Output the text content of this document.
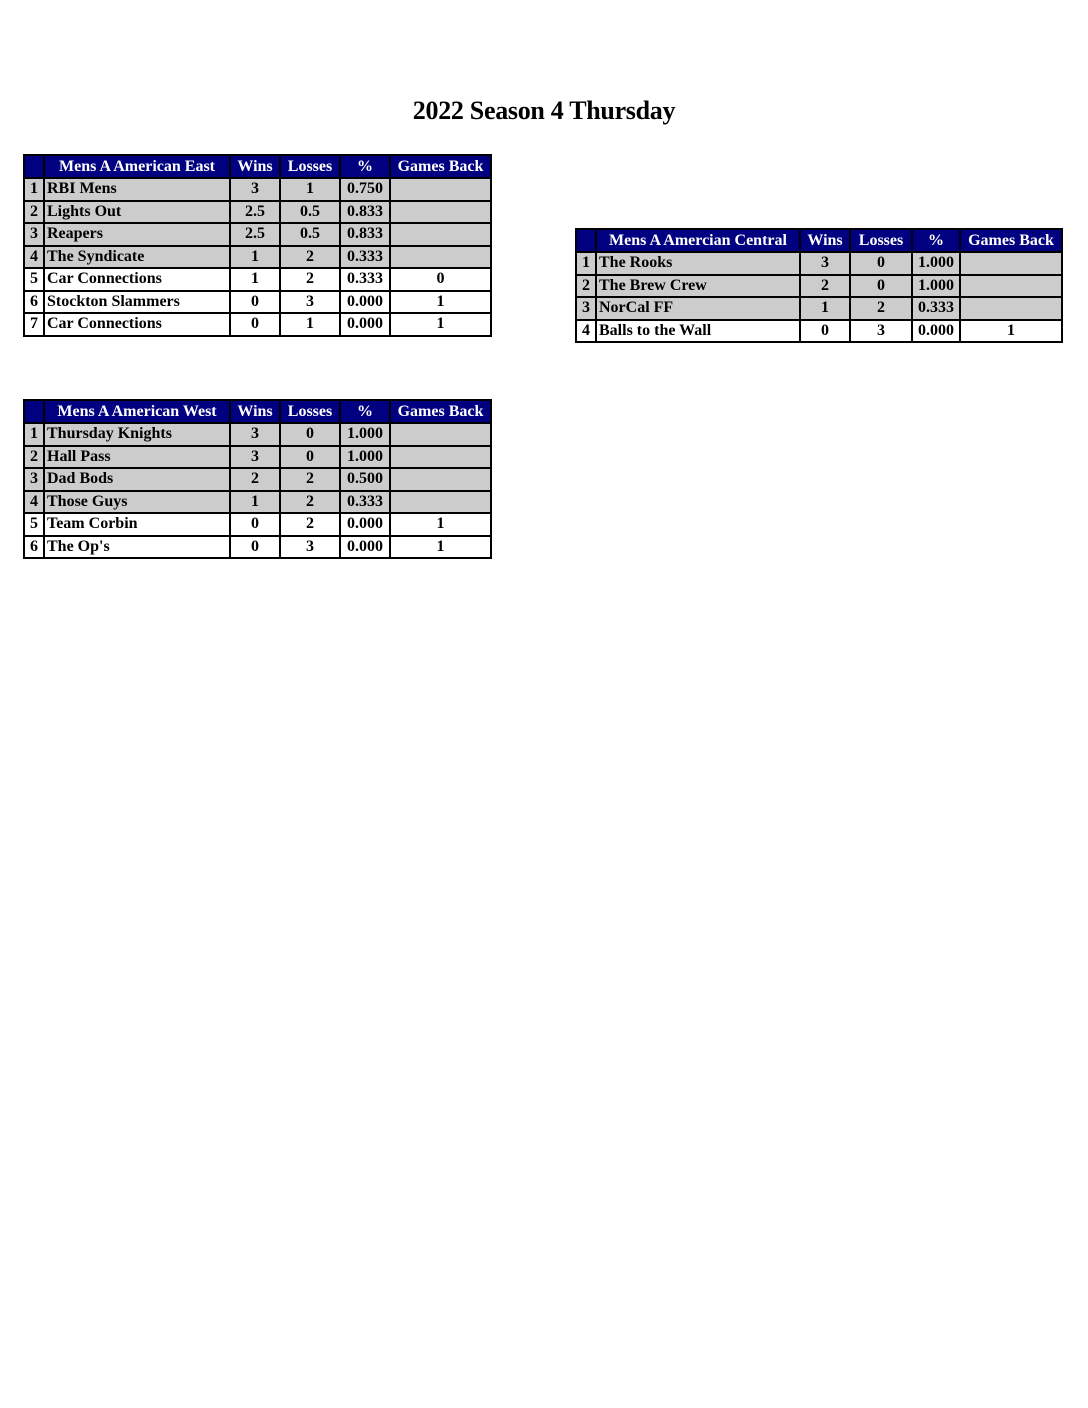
2022 Season 4 Thursday
	Mens A American East	Wins	Losses	%	Games Back
1	RBI Mens	3	1	0.750	
2	Lights Out	2.5	0.5	0.833	
3	Reapers	2.5	0.5	0.833	
4	The Syndicate	1	2	0.333	
5	Car Connections	1	2	0.333	0
6	Stockton Slammers	0	3	0.000	1
7	Car Connections	0	1	0.000	1
	Mens A Amercian Central	Wins	Losses	%	Games Back
1	The Rooks	3	0	1.000	
2	The Brew Crew	2	0	1.000	
3	NorCal FF	1	2	0.333	
4	Balls to the Wall	0	3	0.000	1
	Mens A American West	Wins	Losses	%	Games Back
1	Thursday Knights	3	0	1.000	
2	Hall Pass	3	0	1.000	
3	Dad Bods	2	2	0.500	
4	Those Guys	1	2	0.333	
5	Team Corbin	0	2	0.000	1
6	The Op's	0	3	0.000	1
